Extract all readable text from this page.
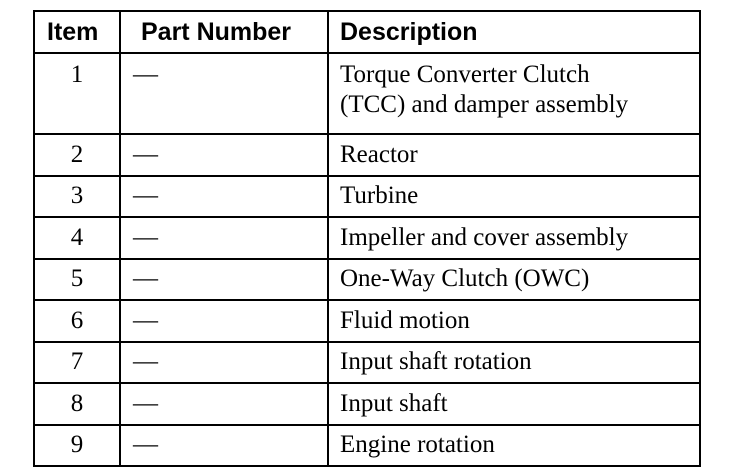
Item	Part Number	Description
1	—	Torque Converter Clutch
(TCC) and damper assembly
2	—	Reactor
3	—	Turbine
4	—	Impeller and cover assembly
5	—	One-Way Clutch (OWC)
6	—	Fluid motion
7	—	Input shaft rotation
8	—	Input shaft
9	—	Engine rotation
